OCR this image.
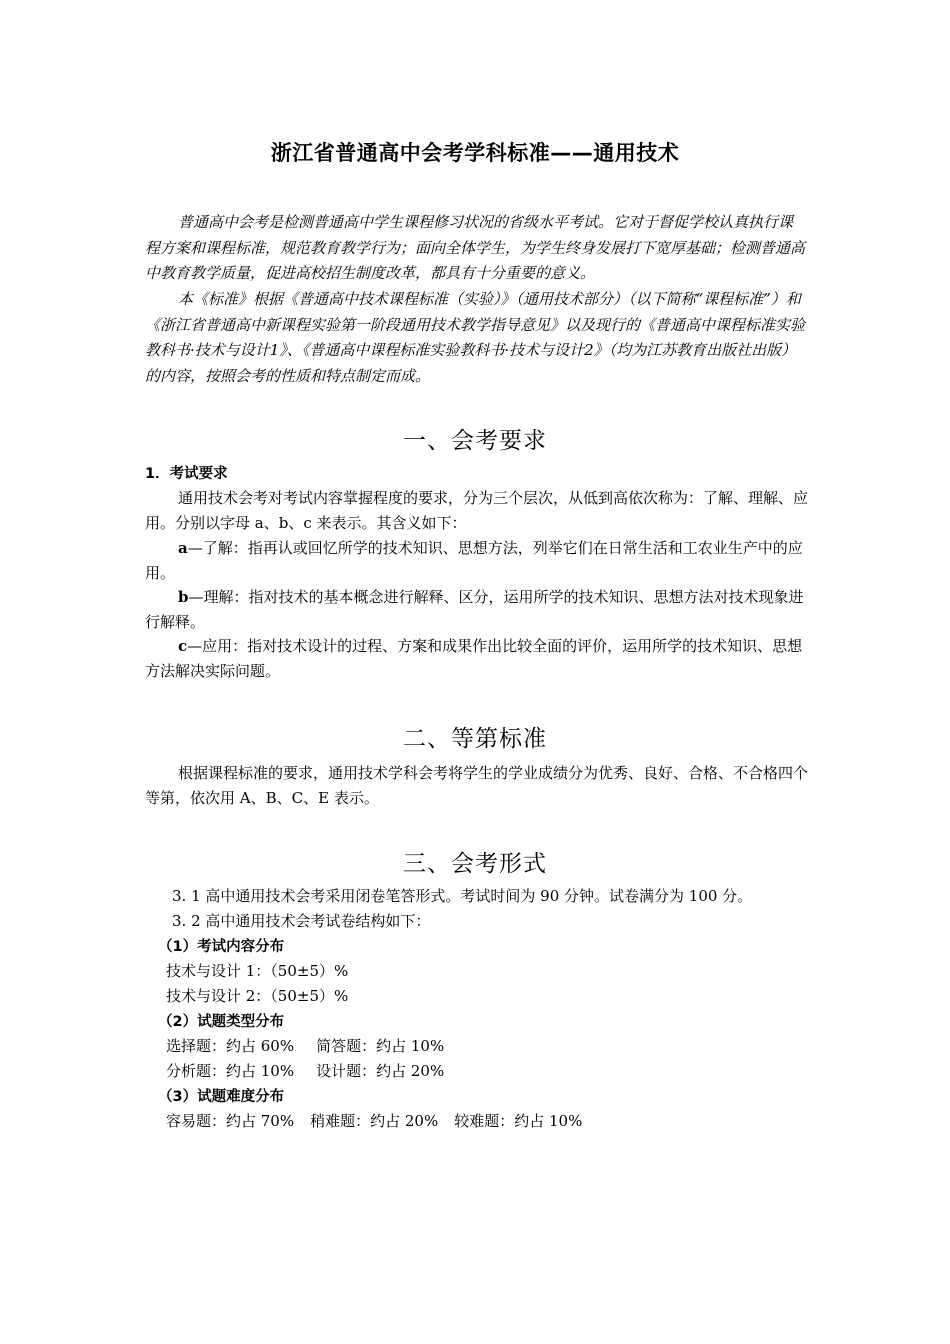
浙江省普通高中会考学科标准——通用技术

普通高中会考是检测普通高中学生课程修习状况的省级水平考试。它对于督促学校认真执行课程方案和课程标准，规范教育教学行为；面向全体学生，为学生终身发展打下宽厚基础；检测普通高中教育教学质量，促进高校招生制度改革，都具有十分重要的意义。

本《标准》根据《普通高中技术课程标准（实验）》（通用技术部分）（以下简称“课程标准”）和《浙江省普通高中新课程实验第一阶段通用技术教学指导意见》以及现行的《普通高中课程标准实验教科书·技术与设计1》、《普通高中课程标准实验教科书·技术与设计2》（均为江苏教育出版社出版）的内容，按照会考的性质和特点制定而成。

一、会考要求
1．考试要求

通用技术会考对考试内容掌握程度的要求，分为三个层次，从低到高依次称为：了解、理解、应用。分别以字母 a、b、c 来表示。其含义如下：

a—了解：指再认或回忆所学的技术知识、思想方法，列举它们在日常生活和工农业生产中的应用。

b—理解：指对技术的基本概念进行解释、区分，运用所学的技术知识、思想方法对技术现象进行解释。

c—应用：指对技术设计的过程、方案和成果作出比较全面的评价，运用所学的技术知识、思想方法解决实际问题。

二、等第标准

根据课程标准的要求，通用技术学科会考将学生的学业成绩分为优秀、良好、合格、不合格四个等第，依次用 A、B、C、E 表示。

三、会考形式
3. 1 高中通用技术会考采用闭卷笔答形式。考试时间为 90 分钟。试卷满分为 100 分。
3. 2 高中通用技术会考试卷结构如下：
（1）考试内容分布
技术与设计 1：（50±5）%
技术与设计 2：（50±5）%
（2）试题类型分布
选择题：约占 60% 简答题：约占 10%
分析题：约占 10% 设计题：约占 20%
（3）试题难度分布
容易题：约占 70% 稍难题：约占 20% 较难题：约占 10%
